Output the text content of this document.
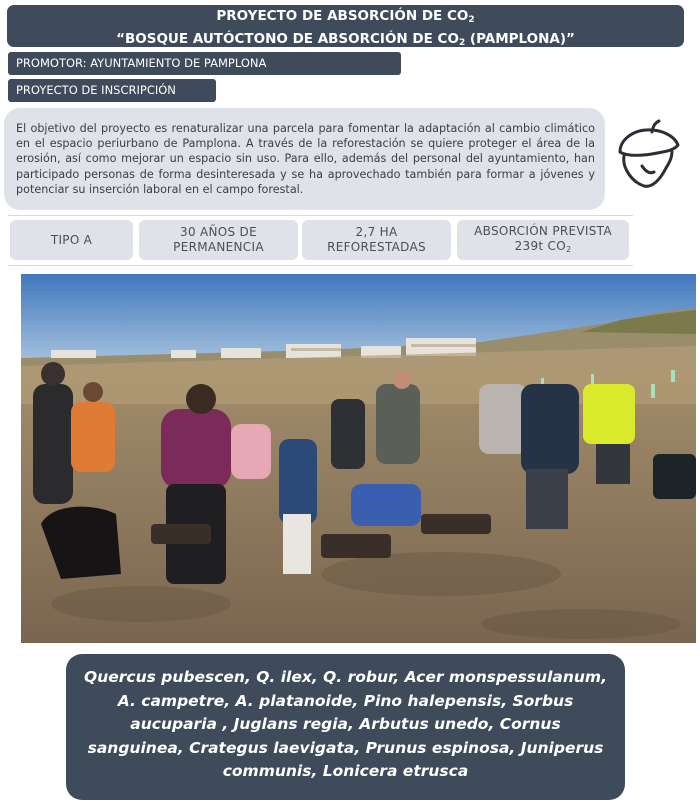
PROYECTO DE ABSORCIÓN DE $CO_2$
“BOSQUE AUTÓCTONO DE ABSORCIÓN DE $CO_2$ (PAMPLONA)”
PROMOTOR: AYUNTAMIENTO DE PAMPLONA
PROYECTO DE INSCRIPCIÓN
El objetivo del proyecto es renaturalizar una parcela para fomentar la adaptación al cambio climático en el espacio periurbano de Pamplona. A través de la reforestación se quiere proteger el área de la erosión, así como mejorar un espacio sin uso. Para ello, además del personal del ayuntamiento, han participado personas de forma desinteresada y se ha aprovechado también para formar a jóvenes y potenciar su inserción laboral en el campo forestal.
TIPO A
30 AÑOS DE
PERMANENCIA
2,7 HA
REFORESTADAS
ABSORCIÓN PREVISTA
239t $CO_2$
Quercus pubescen, Q. ilex, Q. robur, Acer monspessulanum, A. campetre, A. platanoide, Pino halepensis, Sorbus aucuparia , Juglans regia, Arbutus unedo, Cornus sanguinea, Crategus laevigata, Prunus espinosa, Juniperus communis, Lonicera etrusca
